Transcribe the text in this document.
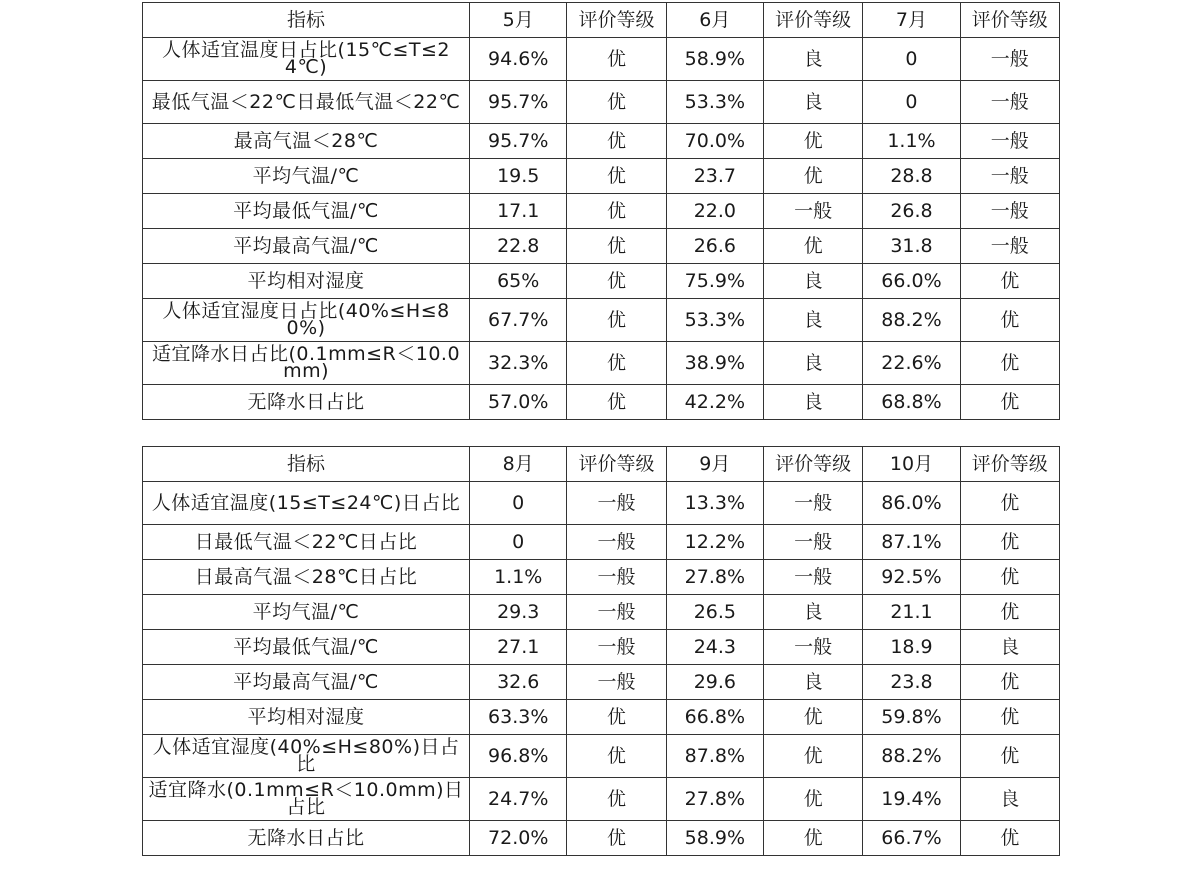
指标	5月	评价等级	6月	评价等级	7月	评价等级
人体适宜温度日占比(15℃≤T≤24℃)	94.6%	优	58.9%	良	0	一般
最低气温＜22℃日最低气温＜22℃	95.7%	优	53.3%	良	0	一般
最高气温＜28℃	95.7%	优	70.0%	优	1.1%	一般
平均气温/℃	19.5	优	23.7	优	28.8	一般
平均最低气温/℃	17.1	优	22.0	一般	26.8	一般
平均最高气温/℃	22.8	优	26.6	优	31.8	一般
平均相对湿度	65%	优	75.9%	良	66.0%	优
人体适宜湿度日占比(40%≤H≤80%)	67.7%	优	53.3%	良	88.2%	优
适宜降水日占比(0.1mm≤R＜10.0mm)	32.3%	优	38.9%	良	22.6%	优
无降水日占比	57.0%	优	42.2%	良	68.8%	优
指标	8月	评价等级	9月	评价等级	10月	评价等级
人体适宜温度(15≤T≤24℃)日占比	0	一般	13.3%	一般	86.0%	优
日最低气温＜22℃日占比	0	一般	12.2%	一般	87.1%	优
日最高气温＜28℃日占比	1.1%	一般	27.8%	一般	92.5%	优
平均气温/℃	29.3	一般	26.5	良	21.1	优
平均最低气温/℃	27.1	一般	24.3	一般	18.9	良
平均最高气温/℃	32.6	一般	29.6	良	23.8	优
平均相对湿度	63.3%	优	66.8%	优	59.8%	优
人体适宜湿度(40%≤H≤80%)日占比	96.8%	优	87.8%	优	88.2%	优
适宜降水(0.1mm≤R＜10.0mm)日占比	24.7%	优	27.8%	优	19.4%	良
无降水日占比	72.0%	优	58.9%	优	66.7%	优
